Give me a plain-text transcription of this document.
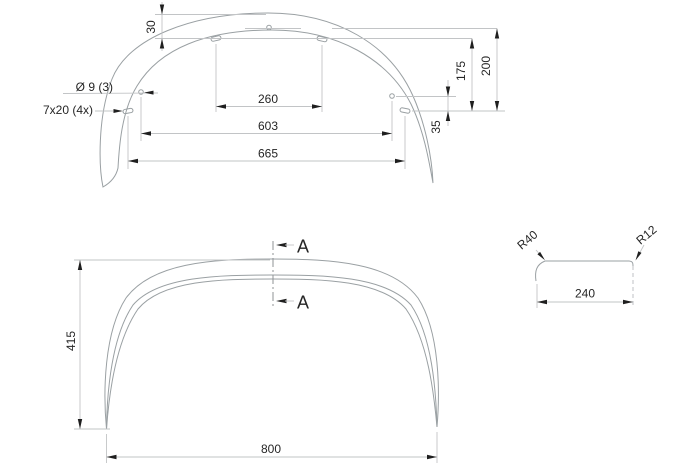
30
260
603
665
35
175 200
Ø 9 (3)
7x20 (4x)
A
A
415
800
240
R40	R12
